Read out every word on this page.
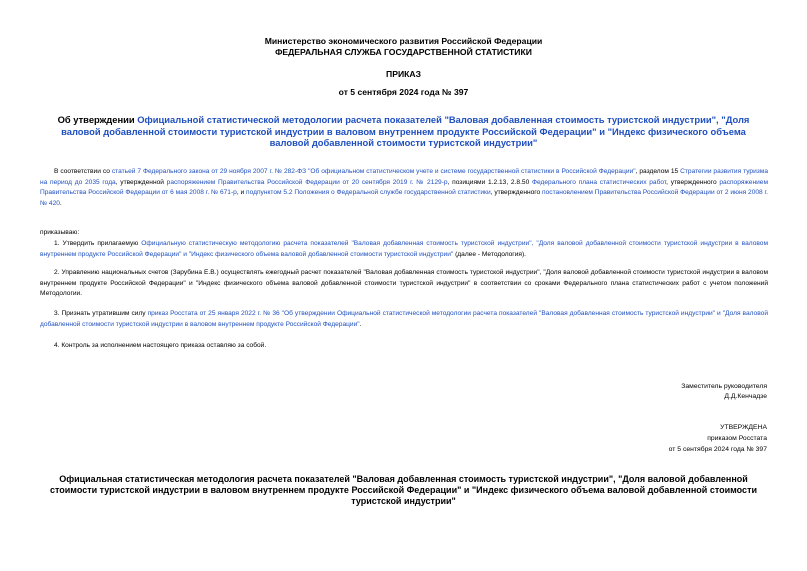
Министерство экономического развития Российской Федерации
ФЕДЕРАЛЬНАЯ СЛУЖБА ГОСУДАРСТВЕННОЙ СТАТИСТИКИ
ПРИКАЗ
от 5 сентября 2024 года № 397
Об утверждении Официальной статистической методологии расчета показателей "Валовая добавленная стоимость туристской индустрии", "Доля валовой добавленной стоимости туристской индустрии в валовом внутреннем продукте Российской Федерации" и "Индекс физического объема валовой добавленной стоимости туристской индустрии"
В соответствии со статьей 7 Федерального закона от 29 ноября 2007 г. № 282-ФЗ "Об официальном статистическом учете и системе государственной статистики в Российской Федерации", разделом 15 Стратегии развития туризма на период до 2035 года, утвержденной распоряжением Правительства Российской Федерации от 20 сентября 2019 г. № 2129-р, позициями 1.2.13, 2.8.50 Федерального плана статистических работ, утвержденного распоряжением Правительства Российской Федерации от 6 мая 2008 г. № 671-р, и подпунктом 5.2 Положения о Федеральной службе государственной статистики, утвержденного постановлением Правительства Российской Федерации от 2 июня 2008 г. № 420.
приказываю:
1. Утвердить прилагаемую Официальную статистическую методологию расчета показателей "Валовая добавленная стоимость туристской индустрии", "Доля валовой добавленной стоимости туристской индустрии в валовом внутреннем продукте Российской Федерации" и "Индекс физического объема валовой добавленной стоимости туристской индустрии" (далее - Методология).
2. Управлению национальных счетов (Зарубина Е.В.) осуществлять ежегодный расчет показателей "Валовая добавленная стоимость туристской индустрии", "Доля валовой добавленной стоимости туристской индустрии в валовом внутреннем продукте Российской Федерации" и "Индекс физического объема валовой добавленной стоимости туристской индустрии" в соответствии со сроками Федерального плана статистических работ с учетом положений Методологии.
3. Признать утратившим силу приказ Росстата от 25 января 2022 г. № 36 "Об утверждении Официальной статистической методологии расчета показателей "Валовая добавленная стоимость туристской индустрии" и "Доля валовой добавленной стоимости туристской индустрии в валовом внутреннем продукте Российской Федерации".
4. Контроль за исполнением настоящего приказа оставляю за собой.
Заместитель руководителя
Д.Д.Кенчадзе
УТВЕРЖДЕНА
приказом Росстата
от 5 сентября 2024 года № 397
Официальная статистическая методология расчета показателей "Валовая добавленная стоимость туристской индустрии", "Доля валовой добавленной стоимости туристской индустрии в валовом внутреннем продукте Российской Федерации" и "Индекс физического объема валовой добавленной стоимости туристской индустрии"
